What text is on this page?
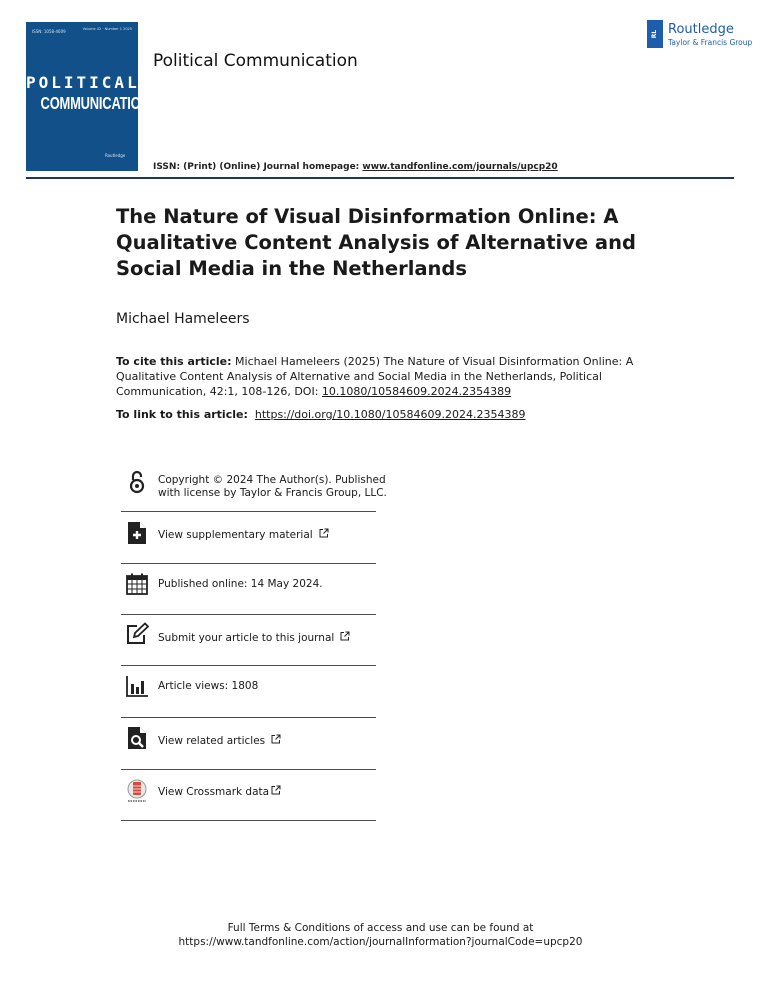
ISSN: 1058-4609	Volume 42 · Number 1 2025
POLITICAL
COMMUNICATION
Routledge
Political Communication
RL Routledge
Taylor & Francis Group
ISSN: (Print) (Online) Journal homepage: www.tandfonline.com/journals/upcp20
The Nature of Visual Disinformation Online: A Qualitative Content Analysis of Alternative and Social Media in the Netherlands
Michael Hameleers
To cite this article: Michael Hameleers (2025) The Nature of Visual Disinformation Online: A Qualitative Content Analysis of Alternative and Social Media in the Netherlands, Political Communication, 42:1, 108-126, DOI: 10.1080/10584609.2024.2354389
To link to this article: https://doi.org/10.1080/10584609.2024.2354389
Copyright © 2024 The Author(s). Published
with license by Taylor & Francis Group, LLC.
View supplementary material
Published online: 14 May 2024.
Submit your article to this journal
Article views: 1808
View related articles
View Crossmark data
Full Terms & Conditions of access and use can be found at
https://www.tandfonline.com/action/journalInformation?journalCode=upcp20
